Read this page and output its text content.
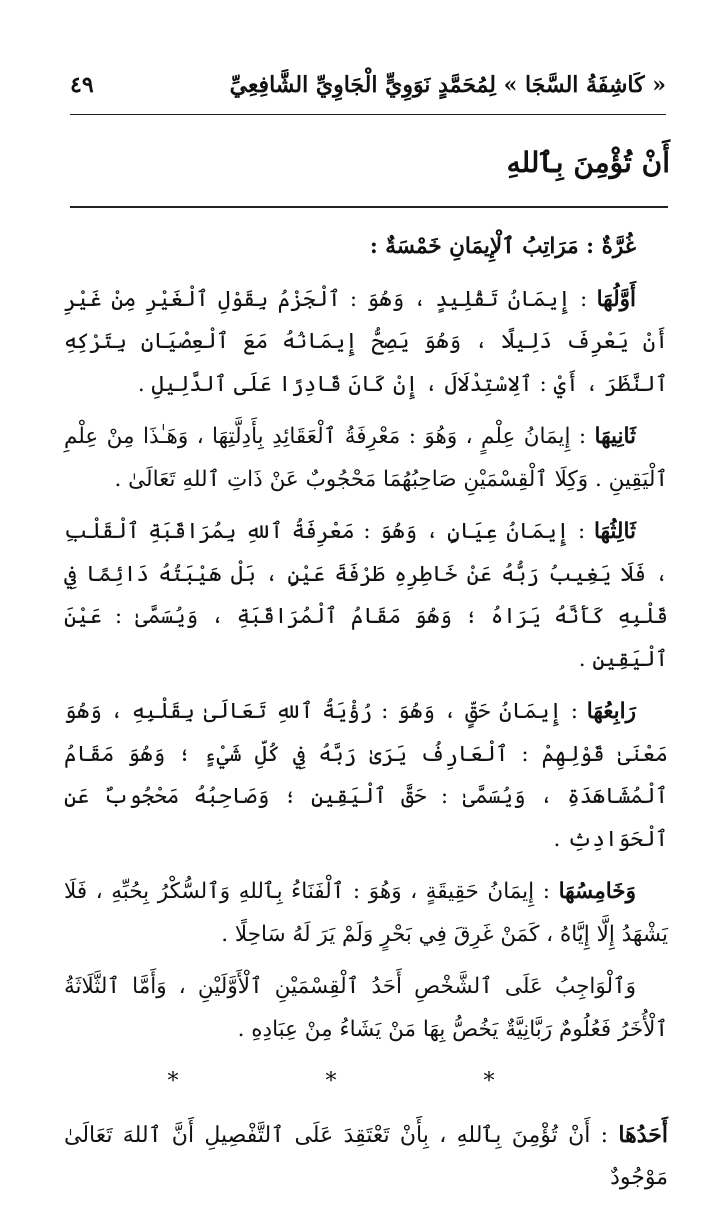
« كَاشِفَةُ السَّجَا » لِمُحَمَّدٍ نَوَوِيٍّ الْجَاوِيِّ الشَّافِعِيِّ
٤٩
أَنْ تُؤْمِنَ بِٱللهِ

غُرَّةٌ : مَرَاتِبُ ٱلْإِيمَانِ خَمْسَةٌ :

أَوَّلُهَا : إِيمَانُ تَقْلِيدٍ ، وَهُوَ : ٱلْجَزْمُ بِقَوْلِ ٱلْغَيْرِ مِنْ غَيْرِ أَنْ يَعْرِفَ دَلِيلًا ، وَهُوَ يَصِحُّ إِيمَانُهُ مَعَ ٱلْعِصْيَانِ بِتَرْكِهِ ٱلنَّظَرَ ، أَيْ : ٱلِاسْتِدْلَالَ ، إِنْ كَانَ قَادِرًا عَلَى ٱلدَّلِيلِ .

ثَانِيهَا : إِيمَانُ عِلْمٍ ، وَهُوَ : مَعْرِفَةُ ٱلْعَقَائِدِ بِأَدِلَّتِهَا ، وَهَـٰذَا مِنْ عِلْمِ ٱلْيَقِينِ . وَكِلَا ٱلْقِسْمَيْنِ صَاحِبُهُمَا مَحْجُوبٌ عَنْ ذَاتِ ٱللهِ تَعَالَىٰ .

ثَالِثُهَا : إِيمَانُ عِيَانٍ ، وَهُوَ : مَعْرِفَةُ ٱللهِ بِمُرَاقَبَةِ ٱلْقَلْبِ ، فَلَا يَغِيبُ رَبُّهُ عَنْ خَاطِرِهِ طَرْفَةَ عَيْنٍ ، بَلْ هَيْبَتُهُ دَائِمًا فِي قَلْبِهِ كَأَنَّهُ يَرَاهُ ؛ وَهُوَ مَقَامُ ٱلْمُرَاقَبَةِ ، وَيُسَمَّىٰ : عَيْنَ ٱلْيَقِينِ .

رَابِعُهَا : إِيمَانُ حَقٍّ ، وَهُوَ : رُؤْيَةُ ٱللهِ تَعَالَىٰ بِقَلْبِهِ ، وَهُوَ مَعْنَىٰ قَوْلِهِمْ : ٱلْعَارِفُ يَرَىٰ رَبَّهُ فِي كُلِّ شَيْءٍ ؛ وَهُوَ مَقَامُ ٱلْمُشَاهَدَةِ ، وَيُسَمَّىٰ : حَقَّ ٱلْيَقِينِ ؛ وَصَاحِبُهُ مَحْجُوبٌ عَنِ ٱلْحَوَادِثِ .

وَخَامِسُهَا : إِيمَانُ حَقِيقَةٍ ، وَهُوَ : ٱلْفَنَاءُ بِٱللهِ وَٱلسُّكْرُ بِحُبِّهِ ، فَلَا يَشْهَدُ إِلَّا إِيَّاهُ ، كَمَنْ غَرِقَ فِي بَحْرٍ وَلَمْ يَرَ لَهُ سَاحِلًا .

وَٱلْوَاجِبُ عَلَى ٱلشَّخْصِ أَحَدُ ٱلْقِسْمَيْنِ ٱلْأَوَّلَيْنِ ، وَأَمَّا ٱلثَّلَاثَةُ ٱلْأُخَرُ فَعُلُومٌ رَبَّانِيَّةٌ يَخُصُّ بِهَا مَنْ يَشَاءُ مِنْ عِبَادِهِ .

* * *

أَحَدُهَا : أَنْ تُؤْمِنَ بِٱللهِ ، بِأَنْ تَعْتَقِدَ عَلَى ٱلتَّفْصِيلِ أَنَّ ٱللهَ تَعَالَىٰ مَوْجُودٌ
